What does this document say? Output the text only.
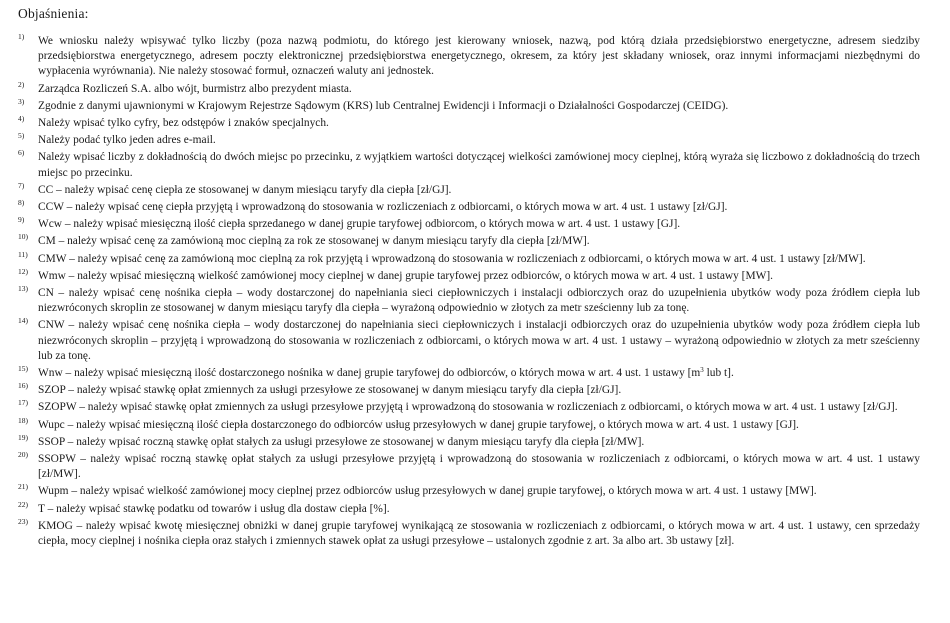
Objaśnienia:
1) We wniosku należy wpisywać tylko liczby (poza nazwą podmiotu, do którego jest kierowany wniosek, nazwą, pod którą działa przedsiębiorstwo energetyczne, adresem siedziby przedsiębiorstwa energetycznego, adresem poczty elektronicznej przedsiębiorstwa energetycznego, okresem, za który jest składany wniosek, oraz innymi informacjami niezbędnymi do wypłacenia wyrównania). Nie należy stosować formuł, oznaczeń waluty ani jednostek.
2) Zarządca Rozliczeń S.A. albo wójt, burmistrz albo prezydent miasta.
3) Zgodnie z danymi ujawnionymi w Krajowym Rejestrze Sądowym (KRS) lub Centralnej Ewidencji i Informacji o Działalności Gospodarczej (CEIDG).
4) Należy wpisać tylko cyfry, bez odstępów i znaków specjalnych.
5) Należy podać tylko jeden adres e-mail.
6) Należy wpisać liczby z dokładnością do dwóch miejsc po przecinku, z wyjątkiem wartości dotyczącej wielkości zamówionej mocy cieplnej, którą wyraża się liczbowo z dokładnością do trzech miejsc po przecinku.
7) CC – należy wpisać cenę ciepła ze stosowanej w danym miesiącu taryfy dla ciepła [zł/GJ].
8) CCW – należy wpisać cenę ciepła przyjętą i wprowadzoną do stosowania w rozliczeniach z odbiorcami, o których mowa w art. 4 ust. 1 ustawy [zł/GJ].
9) Wcw – należy wpisać miesięczną ilość ciepła sprzedanego w danej grupie taryfowej odbiorcom, o których mowa w art. 4 ust. 1 ustawy [GJ].
10) CM – należy wpisać cenę za zamówioną moc cieplną za rok ze stosowanej w danym miesiącu taryfy dla ciepła [zł/MW].
11) CMW – należy wpisać cenę za zamówioną moc cieplną za rok przyjętą i wprowadzoną do stosowania w rozliczeniach z odbiorcami, o których mowa w art. 4 ust. 1 ustawy [zł/MW].
12) Wmw – należy wpisać miesięczną wielkość zamówionej mocy cieplnej w danej grupie taryfowej przez odbiorców, o których mowa w art. 4 ust. 1 ustawy [MW].
13) CN – należy wpisać cenę nośnika ciepła – wody dostarczonej do napełniania sieci ciepłowniczych i instalacji odbiorczych oraz do uzupełnienia ubytków wody poza źródłem ciepła lub niezwróconych skroplin ze stosowanej w danym miesiącu taryfy dla ciepła – wyrażoną odpowiednio w złotych za metr sześcienny lub za tonę.
14) CNW – należy wpisać cenę nośnika ciepła – wody dostarczonej do napełniania sieci ciepłowniczych i instalacji odbiorczych oraz do uzupełnienia ubytków wody poza źródłem ciepła lub niezwróconych skroplin – przyjętą i wprowadzoną do stosowania w rozliczeniach z odbiorcami, o których mowa w art. 4 ust. 1 ustawy – wyrażoną odpowiednio w złotych za metr sześcienny lub za tonę.
15) Wnw – należy wpisać miesięczną ilość dostarczonego nośnika w danej grupie taryfowej do odbiorców, o których mowa w art. 4 ust. 1 ustawy [$m^3$ lub t].
16) SZOP – należy wpisać stawkę opłat zmiennych za usługi przesyłowe ze stosowanej w danym miesiącu taryfy dla ciepła [zł/GJ].
17) SZOPW – należy wpisać stawkę opłat zmiennych za usługi przesyłowe przyjętą i wprowadzoną do stosowania w rozliczeniach z odbiorcami, o których mowa w art. 4 ust. 1 ustawy [zł/GJ].
18) Wupc – należy wpisać miesięczną ilość ciepła dostarczonego do odbiorców usług przesyłowych w danej grupie taryfowej, o których mowa w art. 4 ust. 1 ustawy [GJ].
19) SSOP – należy wpisać roczną stawkę opłat stałych za usługi przesyłowe ze stosowanej w danym miesiącu taryfy dla ciepła [zł/MW].
20) SSOPW – należy wpisać roczną stawkę opłat stałych za usługi przesyłowe przyjętą i wprowadzoną do stosowania w rozliczeniach z odbiorcami, o których mowa w art. 4 ust. 1 ustawy [zł/MW].
21) Wupm – należy wpisać wielkość zamówionej mocy cieplnej przez odbiorców usług przesyłowych w danej grupie taryfowej, o których mowa w art. 4 ust. 1 ustawy [MW].
22) T – należy wpisać stawkę podatku od towarów i usług dla dostaw ciepła [%].
23) KMOG – należy wpisać kwotę miesięcznej obniżki w danej grupie taryfowej wynikającą ze stosowania w rozliczeniach z odbiorcami, o których mowa w art. 4 ust. 1 ustawy, cen sprzedaży ciepła, mocy cieplnej i nośnika ciepła oraz stałych i zmiennych stawek opłat za usługi przesyłowe – ustalonych zgodnie z art. 3a albo art. 3b ustawy [zł].
